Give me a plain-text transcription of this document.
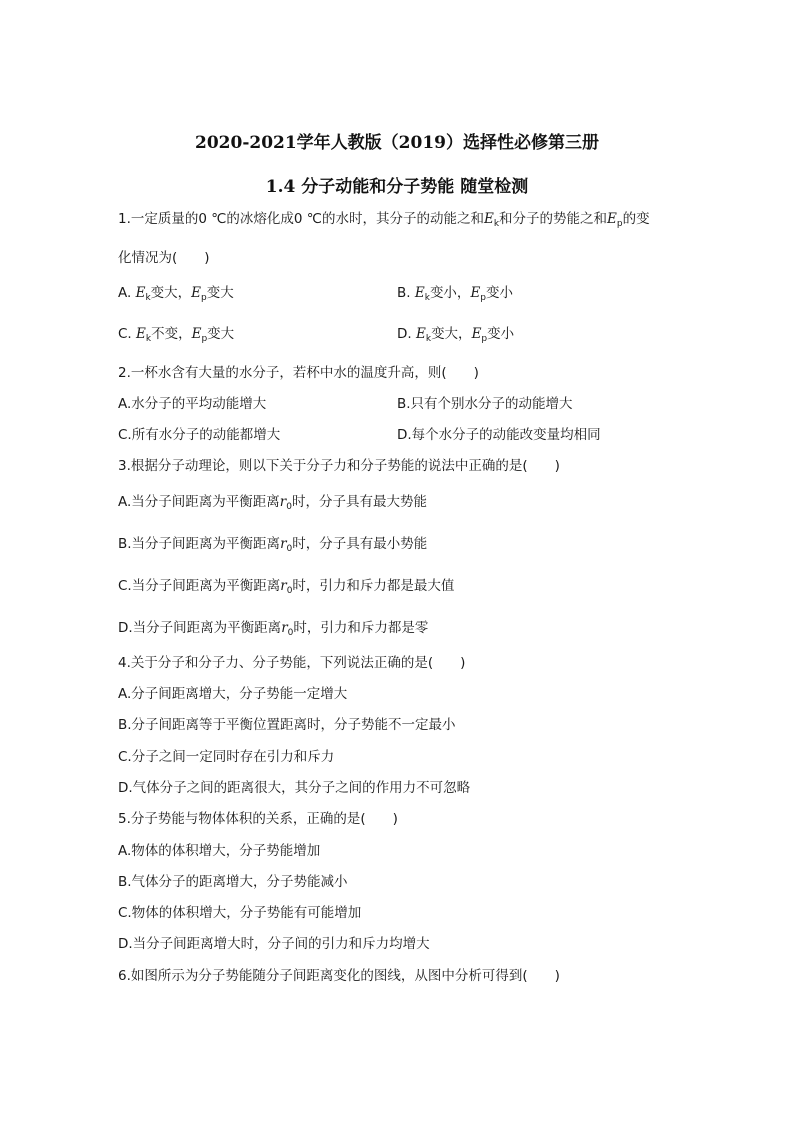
2020-2021学年人教版（2019）选择性必修第三册
1.4 分子动能和分子势能 随堂检测
1.一定质量的0 ℃的冰熔化成0 ℃的水时，其分子的动能之和$E_k$和分子的势能之和$E_p$的变
化情况为(　　)
A. $E_k$变大，$E_p$变大	B. $E_k$变小，$E_p$变小
C. $E_k$不变，$E_p$变大	D. $E_k$变大，$E_p$变小
2.一杯水含有大量的水分子，若杯中水的温度升高，则(　　)
A.水分子的平均动能增大	B.只有个别水分子的动能增大
C.所有水分子的动能都增大	D.每个水分子的动能改变量均相同
3.根据分子动理论，则以下关于分子力和分子势能的说法中正确的是(　　)
A.当分子间距离为平衡距离$r_0$时，分子具有最大势能
B.当分子间距离为平衡距离$r_0$时，分子具有最小势能
C.当分子间距离为平衡距离$r_0$时，引力和斥力都是最大值
D.当分子间距离为平衡距离$r_0$时，引力和斥力都是零
4.关于分子和分子力、分子势能，下列说法正确的是(　　)
A.分子间距离增大，分子势能一定增大
B.分子间距离等于平衡位置距离时，分子势能不一定最小
C.分子之间一定同时存在引力和斥力
D.气体分子之间的距离很大，其分子之间的作用力不可忽略
5.分子势能与物体体积的关系，正确的是(　　)
A.物体的体积增大，分子势能增加
B.气体分子的距离增大，分子势能减小
C.物体的体积增大，分子势能有可能增加
D.当分子间距离增大时，分子间的引力和斥力均增大
6.如图所示为分子势能随分子间距离变化的图线，从图中分析可得到(　　)
